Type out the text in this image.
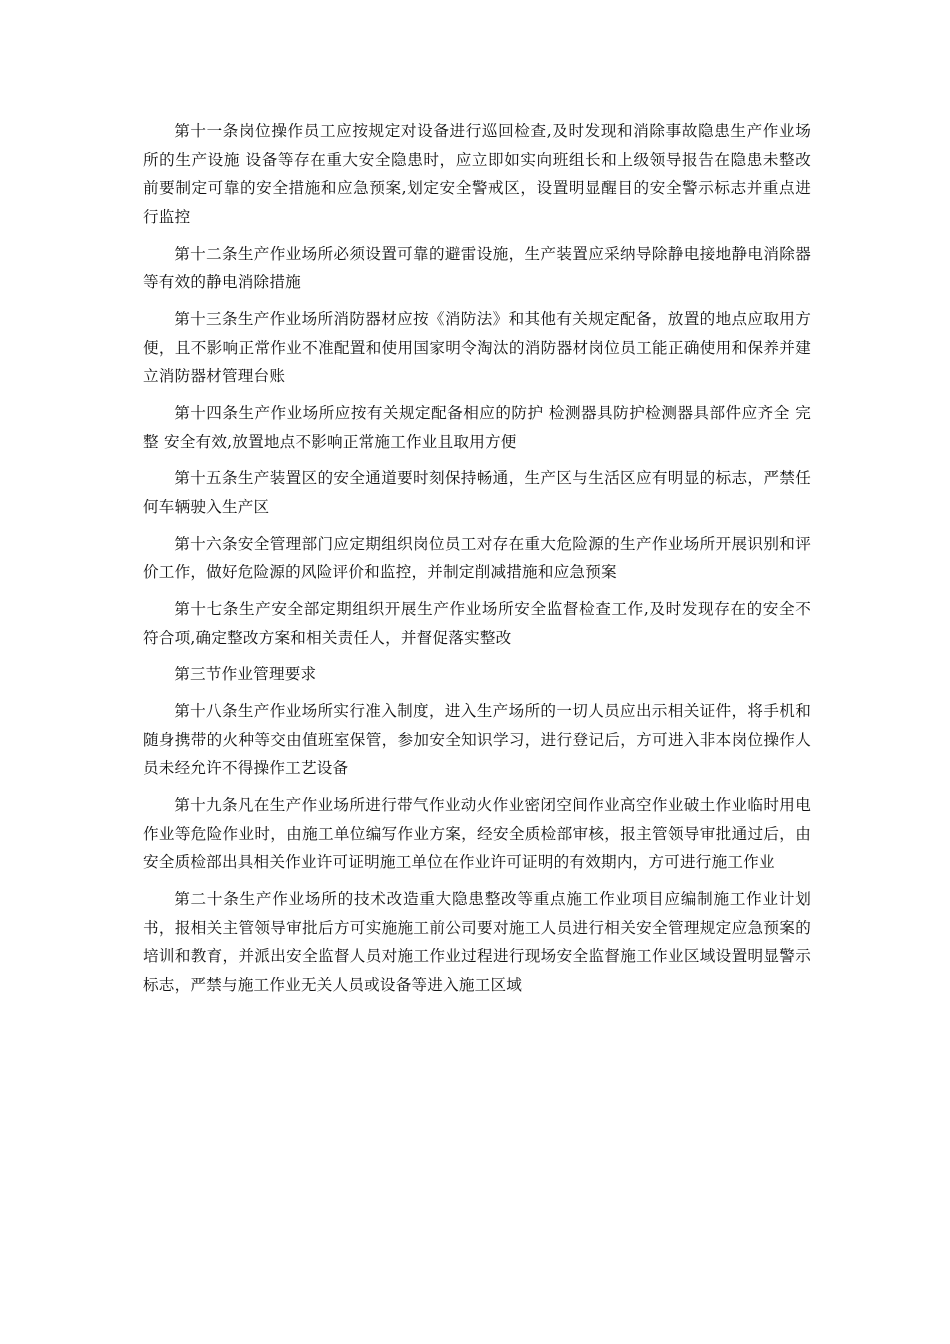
第十一条岗位操作员工应按规定对设备进行巡回检查,及时发现和消除事故隐患生产作业场所的生产设施 设备等存在重大安全隐患时，应立即如实向班组长和上级领导报告在隐患未整改前要制定可靠的安全措施和应急预案,划定安全警戒区，设置明显醒目的安全警示标志并重点进行监控

第十二条生产作业场所必须设置可靠的避雷设施，生产装置应采纳导除静电接地静电消除器等有效的静电消除措施

第十三条生产作业场所消防器材应按《消防法》和其他有关规定配备，放置的地点应取用方便，且不影响正常作业不准配置和使用国家明令淘汰的消防器材岗位员工能正确使用和保养并建立消防器材管理台账

第十四条生产作业场所应按有关规定配备相应的防护 检测器具防护检测器具部件应齐全 完整 安全有效,放置地点不影响正常施工作业且取用方便

第十五条生产装置区的安全通道要时刻保持畅通，生产区与生活区应有明显的标志，严禁任何车辆驶入生产区

第十六条安全管理部门应定期组织岗位员工对存在重大危险源的生产作业场所开展识别和评价工作，做好危险源的风险评价和监控，并制定削减措施和应急预案

第十七条生产安全部定期组织开展生产作业场所安全监督检查工作,及时发现存在的安全不符合项,确定整改方案和相关责任人，并督促落实整改

第三节作业管理要求

第十八条生产作业场所实行准入制度，进入生产场所的一切人员应出示相关证件，将手机和随身携带的火种等交由值班室保管，参加安全知识学习，进行登记后，方可进入非本岗位操作人员未经允许不得操作工艺设备

第十九条凡在生产作业场所进行带气作业动火作业密闭空间作业高空作业破土作业临时用电作业等危险作业时，由施工单位编写作业方案，经安全质检部审核，报主管领导审批通过后，由安全质检部出具相关作业许可证明施工单位在作业许可证明的有效期内，方可进行施工作业

第二十条生产作业场所的技术改造重大隐患整改等重点施工作业项目应编制施工作业计划书，报相关主管领导审批后方可实施施工前公司要对施工人员进行相关安全管理规定应急预案的培训和教育，并派出安全监督人员对施工作业过程进行现场安全监督施工作业区域设置明显警示标志，严禁与施工作业无关人员或设备等进入施工区域
